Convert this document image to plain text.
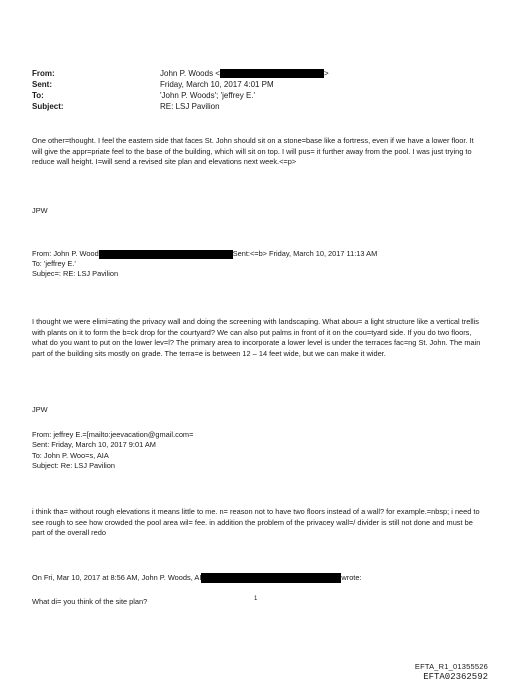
From:	John P. Woods <	>
Sent:	Friday, March 10, 2017 4:01 PM
To:	'John P. Woods'; 'jeffrey E.'
Subject:	RE: LSJ Pavilion
One other=thought. I feel the eastern side that faces St. John should sit on a stone=base like a fortress, even if we have a lower floor. It will give the appr=priate feel to the base of the building, which will sit on top. I will pus= it further away from the pool. I was just trying to reduce wall height. I=will send a revised site plan and elevations next week.<=p>
JPW
From: John P. Wood	Sent:<=b> Friday, March 10, 2017 11:13 AM
To: 'jeffrey E.'
Subjec=: RE: LSJ Pavilion
I thought we were elimi=ating the privacy wall and doing the screening with landscaping. What abou= a light structure like a vertical trellis with plants on it to form the b=ck drop for the courtyard? We can also put palms in front of it on the cou=tyard side. If you do two floors, what do you want to put on the lower lev=l? The primary area to incorporate a lower level is under the terraces fac=ng St. John. The main part of the building sits mostly on grade. The terra=e is between 12 – 14 feet wide, but we can make it wider.
JPW
From: jeffrey E.=[mailto:jeevacation@gmail.com=
Sent: Friday, March 10, 2017 9:01 AM
To: John P. Woo=s, AIA
Subject: Re: LSJ Pavilion
i think tha= without rough elevations it means little to me. n= reason not to have two floors instead of a wall? for example.=nbsp; i need to see rough to see how crowded the pool area wil= fee. in addition the problem of the privacey wall=/ divider is still not done and must be part of the overall redo
On Fri, Mar 10, 2017 at 8:56 AM, John P. Woods, AI	wrote:
What di= you think of the site plan?	1
EFTA_R1_01355526
EFTA02362592
